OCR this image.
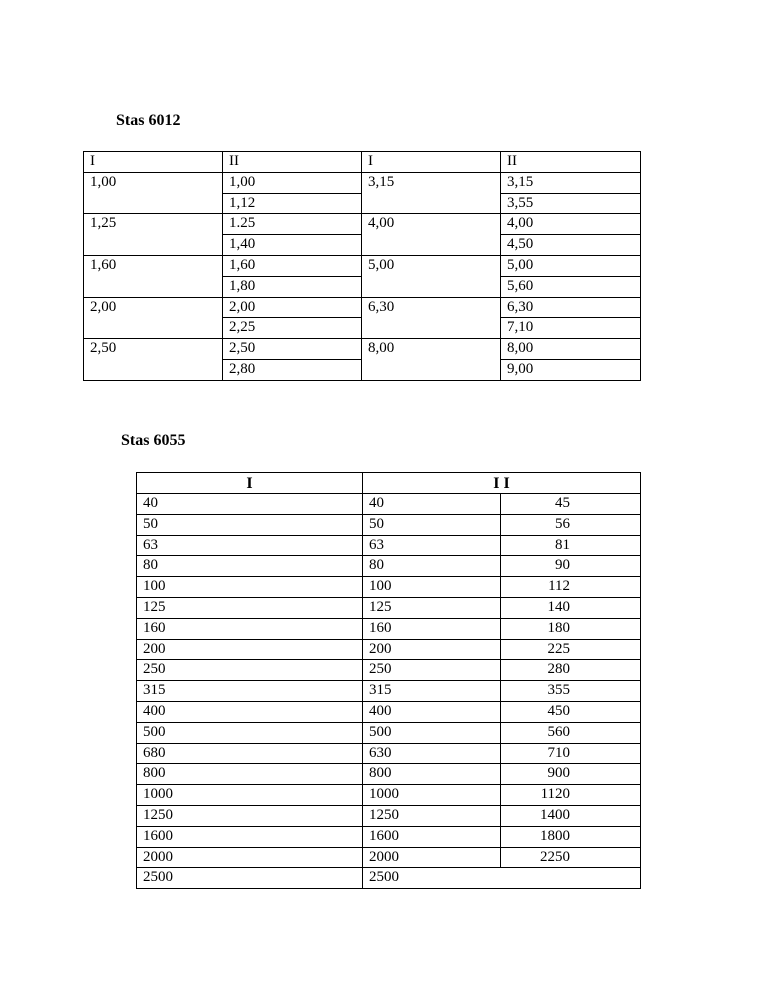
Stas 6012
I	II	I	II
1,00	1,00	3,15	3,15
	1,12		3,55
1,25	1.25	4,00	4,00
	1,40		4,50
1,60	1,60	5,00	5,00
	1,80		5,60
2,00	2,00	6,30	6,30
	2,25		7,10
2,50	2,50	8,00	8,00
	2,80		9,00
Stas 6055
I	I I	
40	40	45
50	50	56
63	63	81
80	80	90
100	100	112
125	125	140
160	160	180
200	200	225
250	250	280
315	315	355
400	400	450
500	500	560
680	630	710
800	800	900
1000	1000	1120
1250	1250	1400
1600	1600	1800
2000	2000	2250
2500	2500	
